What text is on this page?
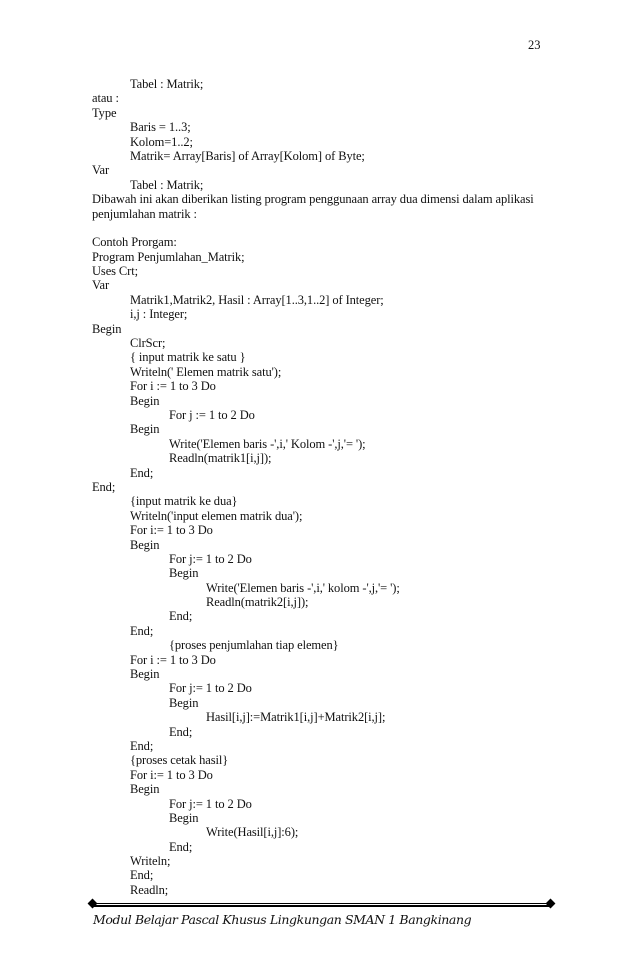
23
Tabel : Matrik;
atau :
Type
Baris = 1..3;
Kolom=1..2;
Matrik= Array[Baris] of Array[Kolom] of Byte;
Var
Tabel : Matrik;
Dibawah ini akan diberikan listing program penggunaan array dua dimensi dalam aplikasi
penjumlahan matrik :
Contoh Prorgam:
Program Penjumlahan_Matrik;
Uses Crt;
Var
Matrik1,Matrik2, Hasil : Array[1..3,1..2] of Integer;
i,j : Integer;
Begin
ClrScr;
{ input matrik ke satu }
Writeln(' Elemen matrik satu');
For i := 1 to 3 Do
Begin
For j := 1 to 2 Do
Begin
Write('Elemen baris -',i,' Kolom -',j,'= ');
Readln(matrik1[i,j]);
End;
End;
{input matrik ke dua}
Writeln('input elemen matrik dua');
For i:= 1 to 3 Do
Begin
For j:= 1 to 2 Do
Begin
Write('Elemen baris -',i,' kolom -',j,'= ');
Readln(matrik2[i,j]);
End;
End;
{proses penjumlahan tiap elemen}
For i := 1 to 3 Do
Begin
For j:= 1 to 2 Do
Begin
Hasil[i,j]:=Matrik1[i,j]+Matrik2[i,j];
End;
End;
{proses cetak hasil}
For i:= 1 to 3 Do
Begin
For j:= 1 to 2 Do
Begin
Write(Hasil[i,j]:6);
End;
Writeln;
End;
Readln;
Modul Belajar Pascal Khusus Lingkungan SMAN 1 Bangkinang
